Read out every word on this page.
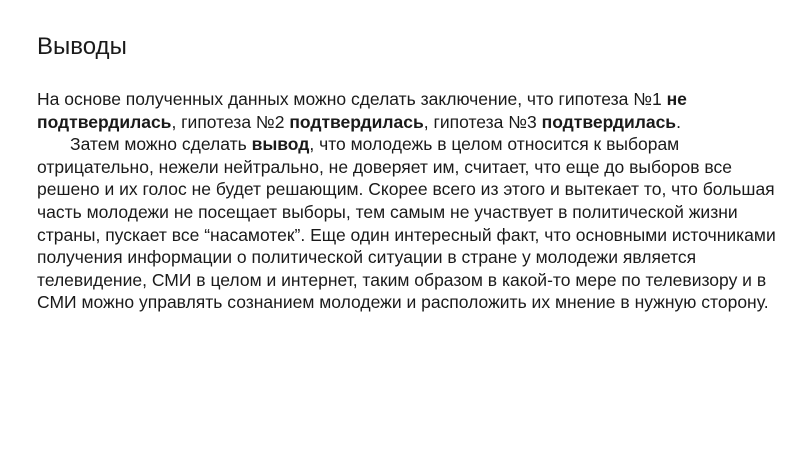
Выводы

На основе полученных данных можно сделать заключение, что гипотеза №1 не подтвердилась, гипотеза №2 подтвердилась, гипотеза №3 подтвердилась.

Затем можно сделать вывод, что молодежь в целом относится к выборам отрицательно, нежели нейтрально, не доверяет им, считает, что еще до выборов все решено и их голос не будет решающим. Скорее всего из этого и вытекает то, что большая часть молодежи не посещает выборы, тем самым не участвует в политической жизни страны, пускает все “насамотек”. Еще один интересный факт, что основными источниками получения информации о политической ситуации в стране у молодежи является телевидение, СМИ в целом и интернет, таким образом в какой-то мере по телевизору и в СМИ можно управлять сознанием молодежи и расположить их мнение в нужную сторону.
